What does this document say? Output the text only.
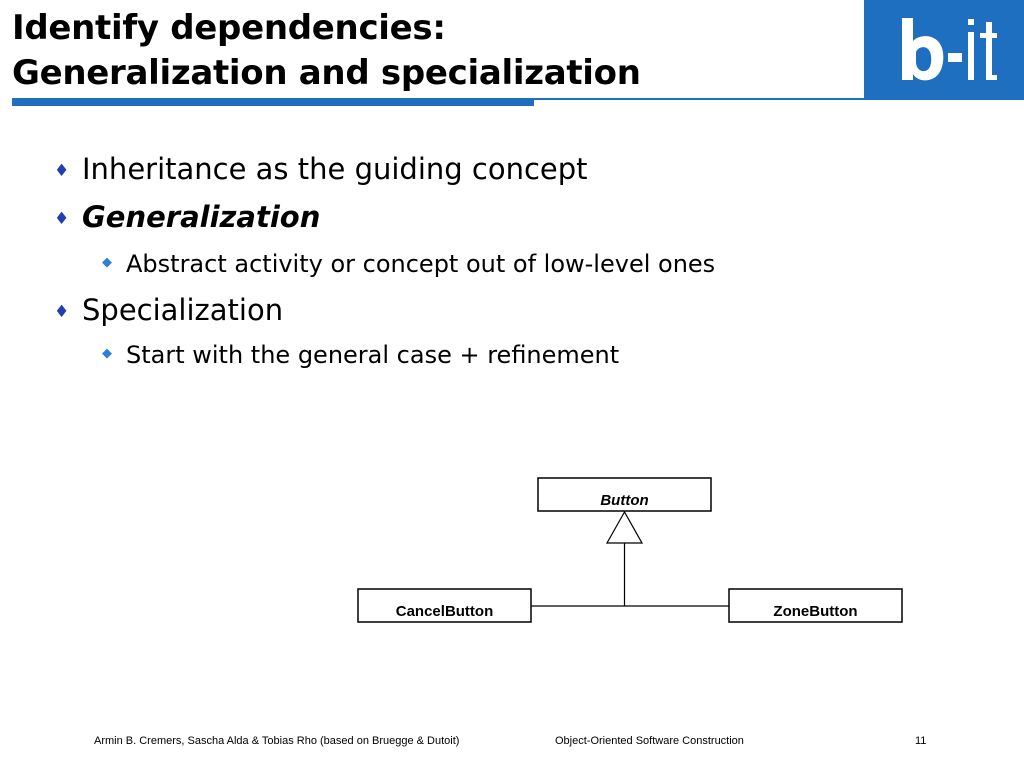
Identify dependencies:
Generalization and specialization
♦ Inheritance as the guiding concept
♦ Generalization
◆ Abstract activity or concept out of low-level ones
♦ Specialization
◆ Start with the general case + refinement
Button
CancelButton	ZoneButton
Armin B. Cremers, Sascha Alda & Tobias Rho (based on Bruegge & Dutoit)	Object-Oriented Software Construction	11
